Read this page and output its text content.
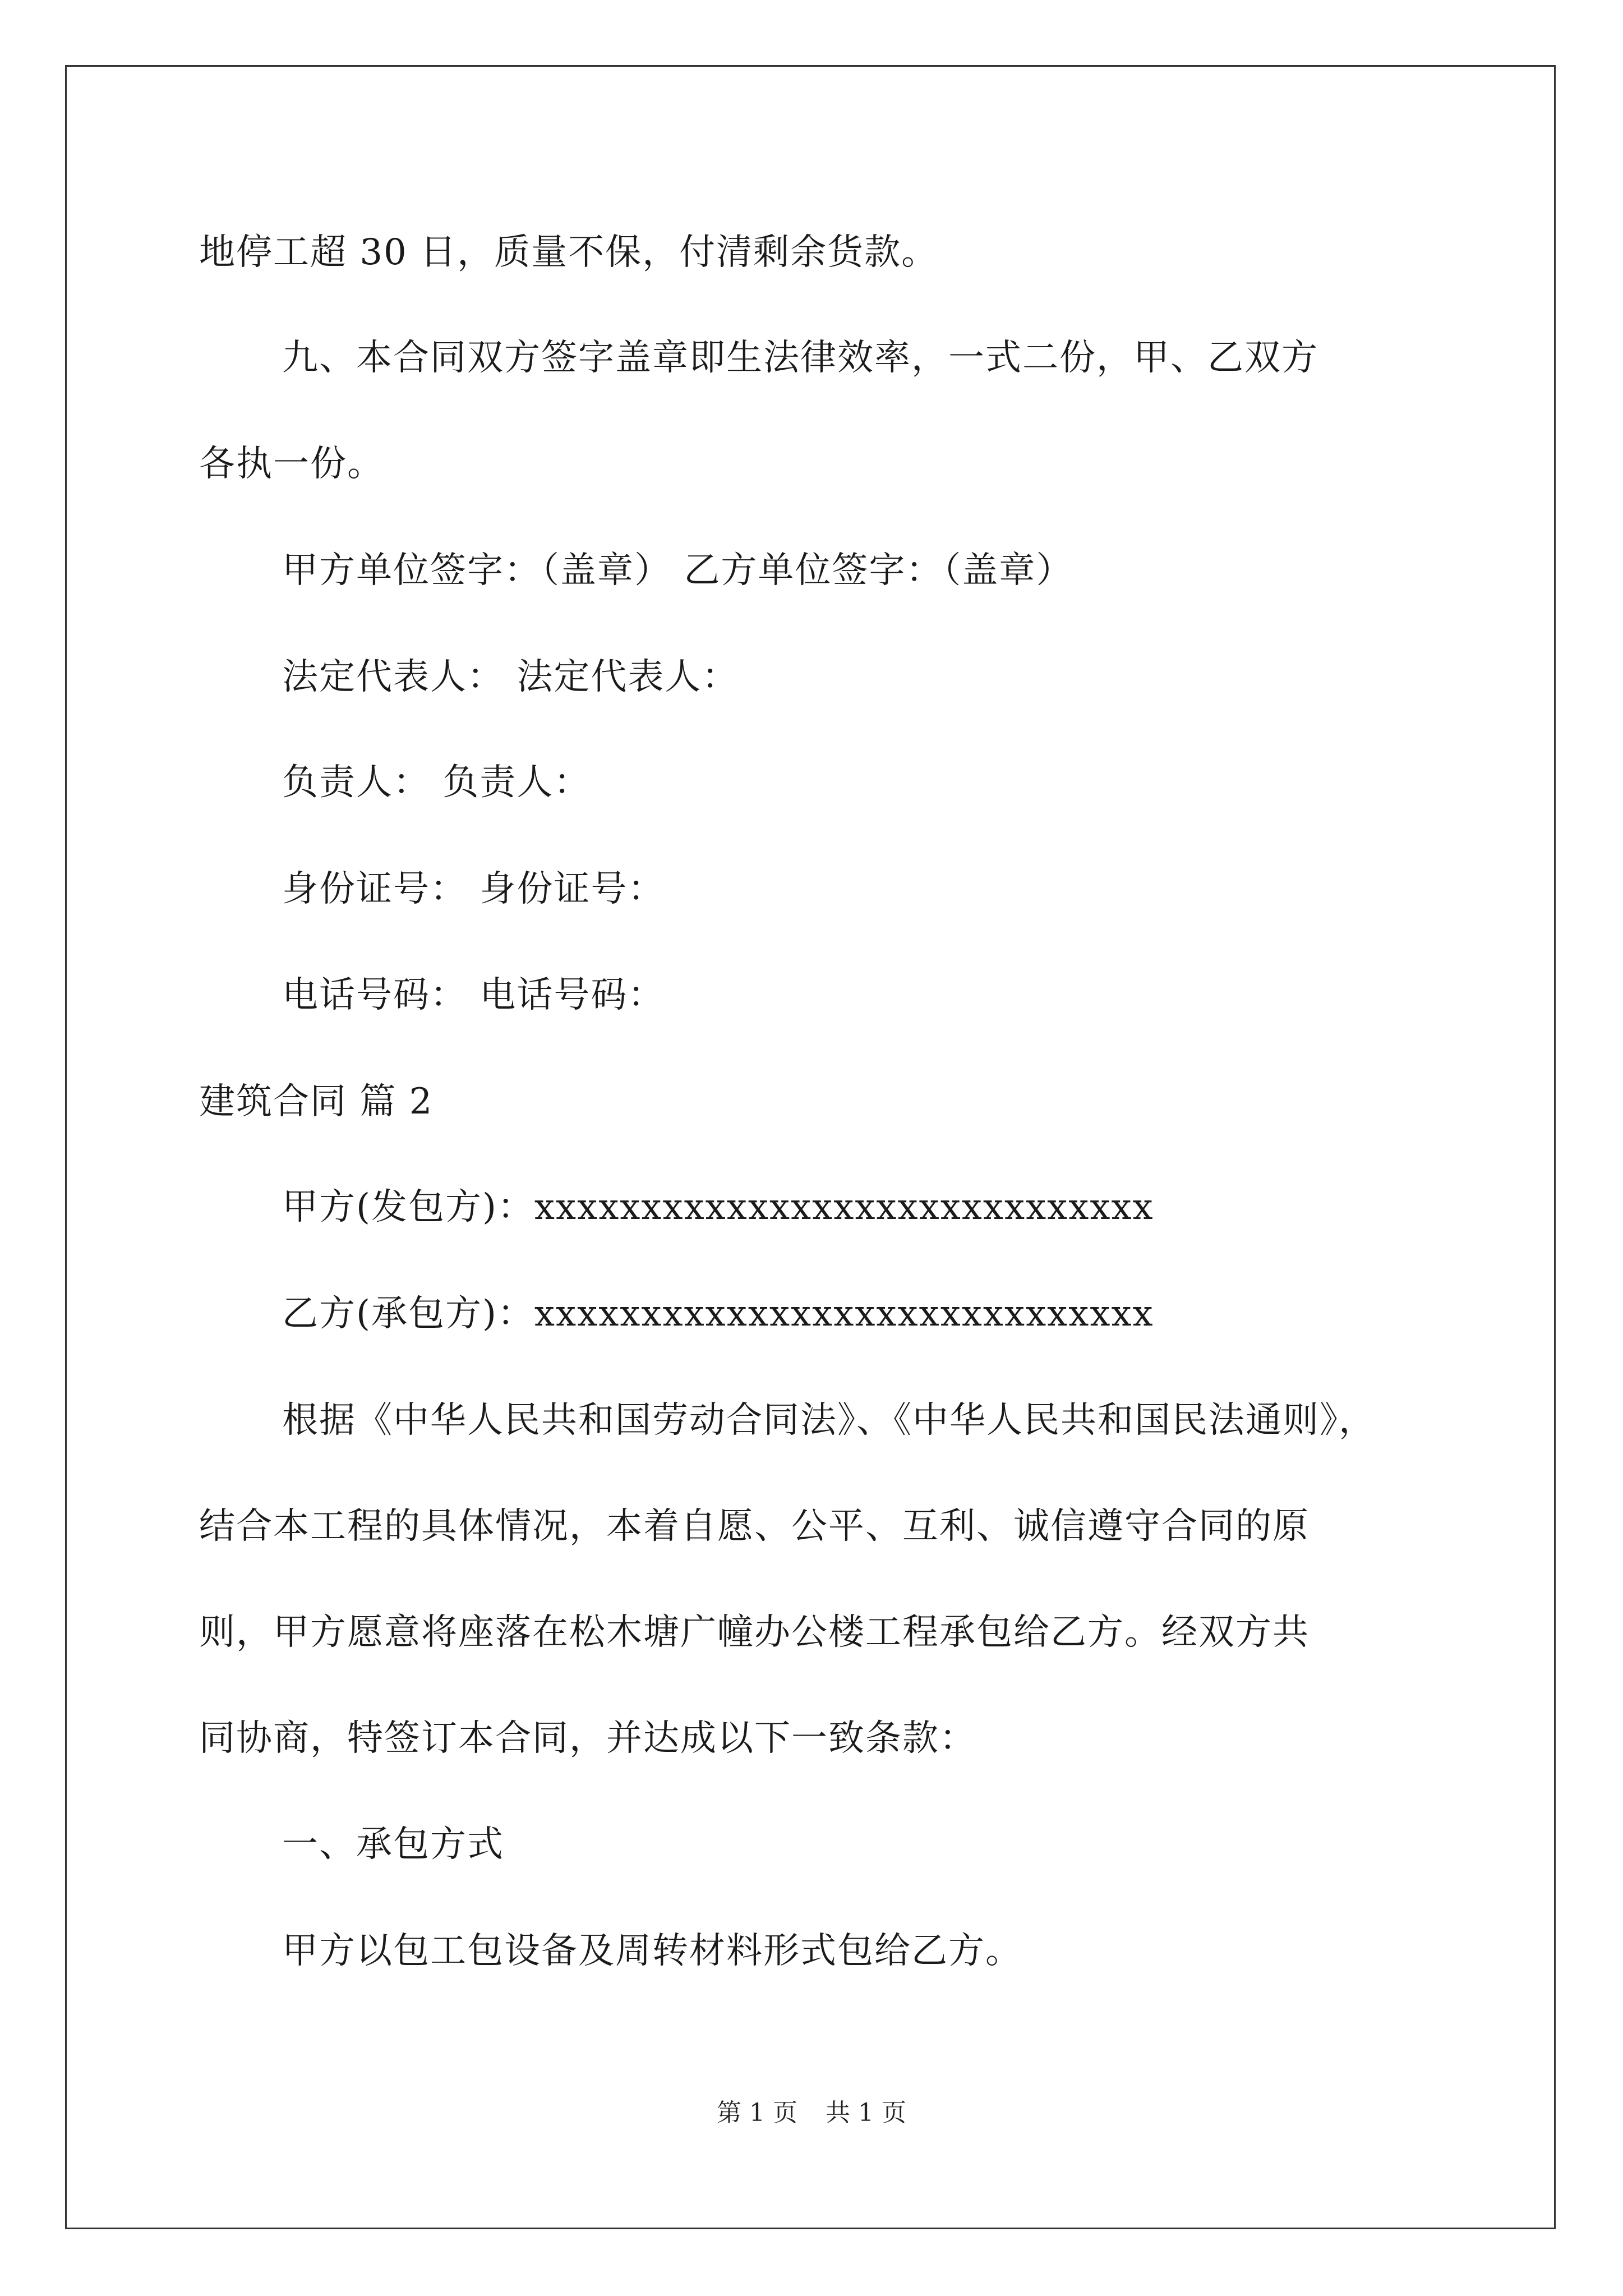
地停工超 30 日，质量不保，付清剩余货款。
九、本合同双方签字盖章即生法律效率，一式二份，甲、乙双方
各执一份。
甲方单位签字：（盖章） 乙方单位签字：（盖章）
法定代表人： 法定代表人：
负责人： 负责人：
身份证号： 身份证号：
电话号码： 电话号码：
建筑合同 篇 2
甲方(发包方)：xxxxxxxxxxxxxxxxxxxxxxxxxxxxx
乙方(承包方)：xxxxxxxxxxxxxxxxxxxxxxxxxxxxx
根据《中华人民共和国劳动合同法》、《中华人民共和国民法通则》，
结合本工程的具体情况，本着自愿、公平、互利、诚信遵守合同的原
则，甲方愿意将座落在松木塘广幢办公楼工程承包给乙方。经双方共
同协商，特签订本合同，并达成以下一致条款：
一、承包方式
甲方以包工包设备及周转材料形式包给乙方。
第 1 页 共 1 页
